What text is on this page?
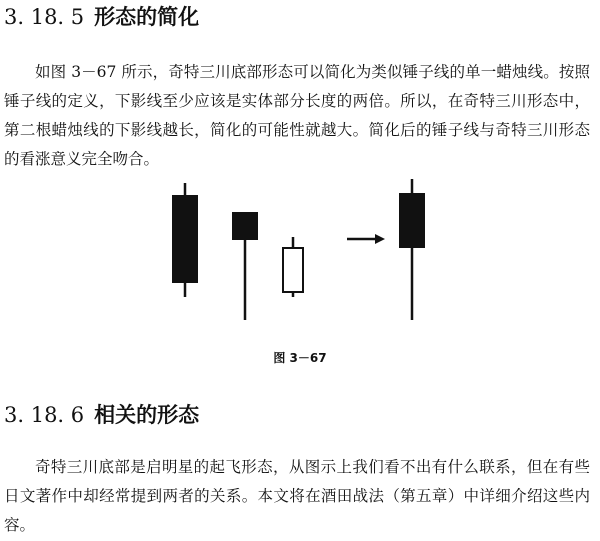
3. 18. 5 形态的简化

如图 3－67 所示，奇特三川底部形态可以简化为类似锤子线的单一蜡烛线。按照锤子线的定义，下影线至少应该是实体部分长度的两倍。所以，在奇特三川形态中，第二根蜡烛线的下影线越长，简化的可能性就越大。简化后的锤子线与奇特三川形态的看涨意义完全吻合。

图 3－67

3. 18. 6 相关的形态

奇特三川底部是启明星的起飞形态，从图示上我们看不出有什么联系，但在有些日文著作中却经常提到两者的关系。本文将在酒田战法（第五章）中详细介绍这些内容。
